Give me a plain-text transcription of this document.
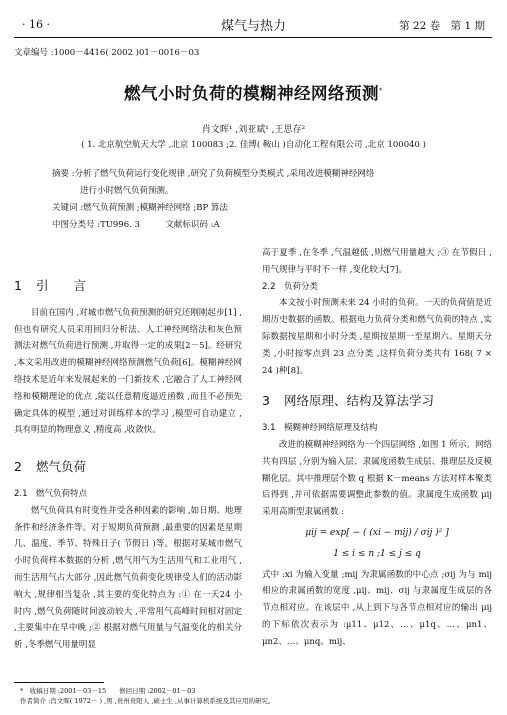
· 16 ·	煤气与热力	第 22 卷　第 1 期
文章编号 :1000－4416( 2002 )01－0016－03
燃气小时负荷的模糊神经网络预测*
肖文晖¹ ,刘亚斌¹ ,王思存²
( 1. 北京航空航天大学 ,北京 100083 ;2. 佳博( 鞍山 )自动化工程有限公司 ,北京 100040 )
摘要 :分析了燃气负荷运行变化规律 ,研究了负荷模型分类模式 ,采用改进模糊神经网络
进行小时燃气负荷预测。
关键词 :燃气负荷预测 ;模糊神经网络 ;BP 算法
中图分类号 :TU996. 3　　　文献标识码 :A
1 引　　言

目前在国内 ,对城市燃气负荷预测的研究还刚刚起步[1] ,但也有研究人员采用回归分析法、人工神经网络法和灰色预测法对燃气负荷进行预测 ,并取得一定的成果[2－5]。经研究 ,本文采用改进的模糊神经网络预测燃气负荷[6]。模糊神经网络技术是近年来发展起来的一门新技术 ,它融合了人工神经网络和模糊理论的优点 ,能以任意精度逼近函数 ,而且不必预先确定具体的模型 ,通过对训练样本的学习 ,模型可自动建立 ,具有明显的物理意义 ,精度高 ,收敛快。

2 燃气负荷

2.1　燃气负荷特点

燃气负荷具有时变性并受各种因素的影响 ,如日期、地理条件和经济条件等。对于短期负荷预测 ,最重要的因素是星期几、温度、季节、特殊日子( 节假日 )等。根据对某城市燃气小时负荷样本数据的分析 ,燃气用气为生活用气和工业用气 ,而生活用气占大部分 ,因此燃气负荷变化规律受人们的活动影响大 ,规律相当复杂 ,其主要的变化特点为 :① 在一天24 小时内 ,燃气负荷随时间波动较大 ,平常用气高峰时间相对固定 ,主要集中在早中晚 ;② 根据对燃气用量与气温变化的相关分析 ,冬季燃气用量明显

高于夏季 ,在冬季 ,气温越低 ,则燃气用量越大 ;③ 在节假日 ,用气规律与平时不一样 ,变化较大[7]。

2.2　负荷分类

本文按小时预测未来 24 小时的负荷。一天的负荷值是近期历史数据的函数。根据电力负荷分类和燃气负荷的特点 ,实际数据按星期和小时分类 ,星期按星期一至星期六、星期天分类 ,小时按零点到 23 点分类 ,这样负荷分类共有 168( 7 × 24 )种[8]。

3 网络原理、结构及算法学习

3.1　模糊神经网络原理及结构

改进的模糊神经网络为一个四层网络 ,如图 1 所示。网络共有四层 ,分别为输入层、隶属度函数生成层、推理层及反模糊化层。其中推理层个数 q 根据 K－means 方法对样本聚类后得到 ,并可依据需要调整此参数的值。隶属度生成函数 μij 采用高斯型隶属函数 :

μij = exp[ − ( (xi − mij) / σij )² ]
1 ≤ i ≤ n ;1 ≤ j ≤ q

式中 :xi 为输入变量 ;mij 为隶属函数的中心点 ;σij 为与 mij 相应的隶属函数的宽度 ,μij、mij、σij 与隶属度生成层的各节点相对应。在该层中 ,从上到下与各节点相对应的输出 μij 的下标依次表示为 :μ11、μ12、…、μ1q、…、μn1、μn2、…、μnq。mij、

*　收稿日期 :2001－03－15　　修回日期 :2002－01－03
作者简介 :肖文晖( 1972－ ) ,男 ,贵州贵阳人 ,硕士生 ,从事计算机系统及其应用的研究。
